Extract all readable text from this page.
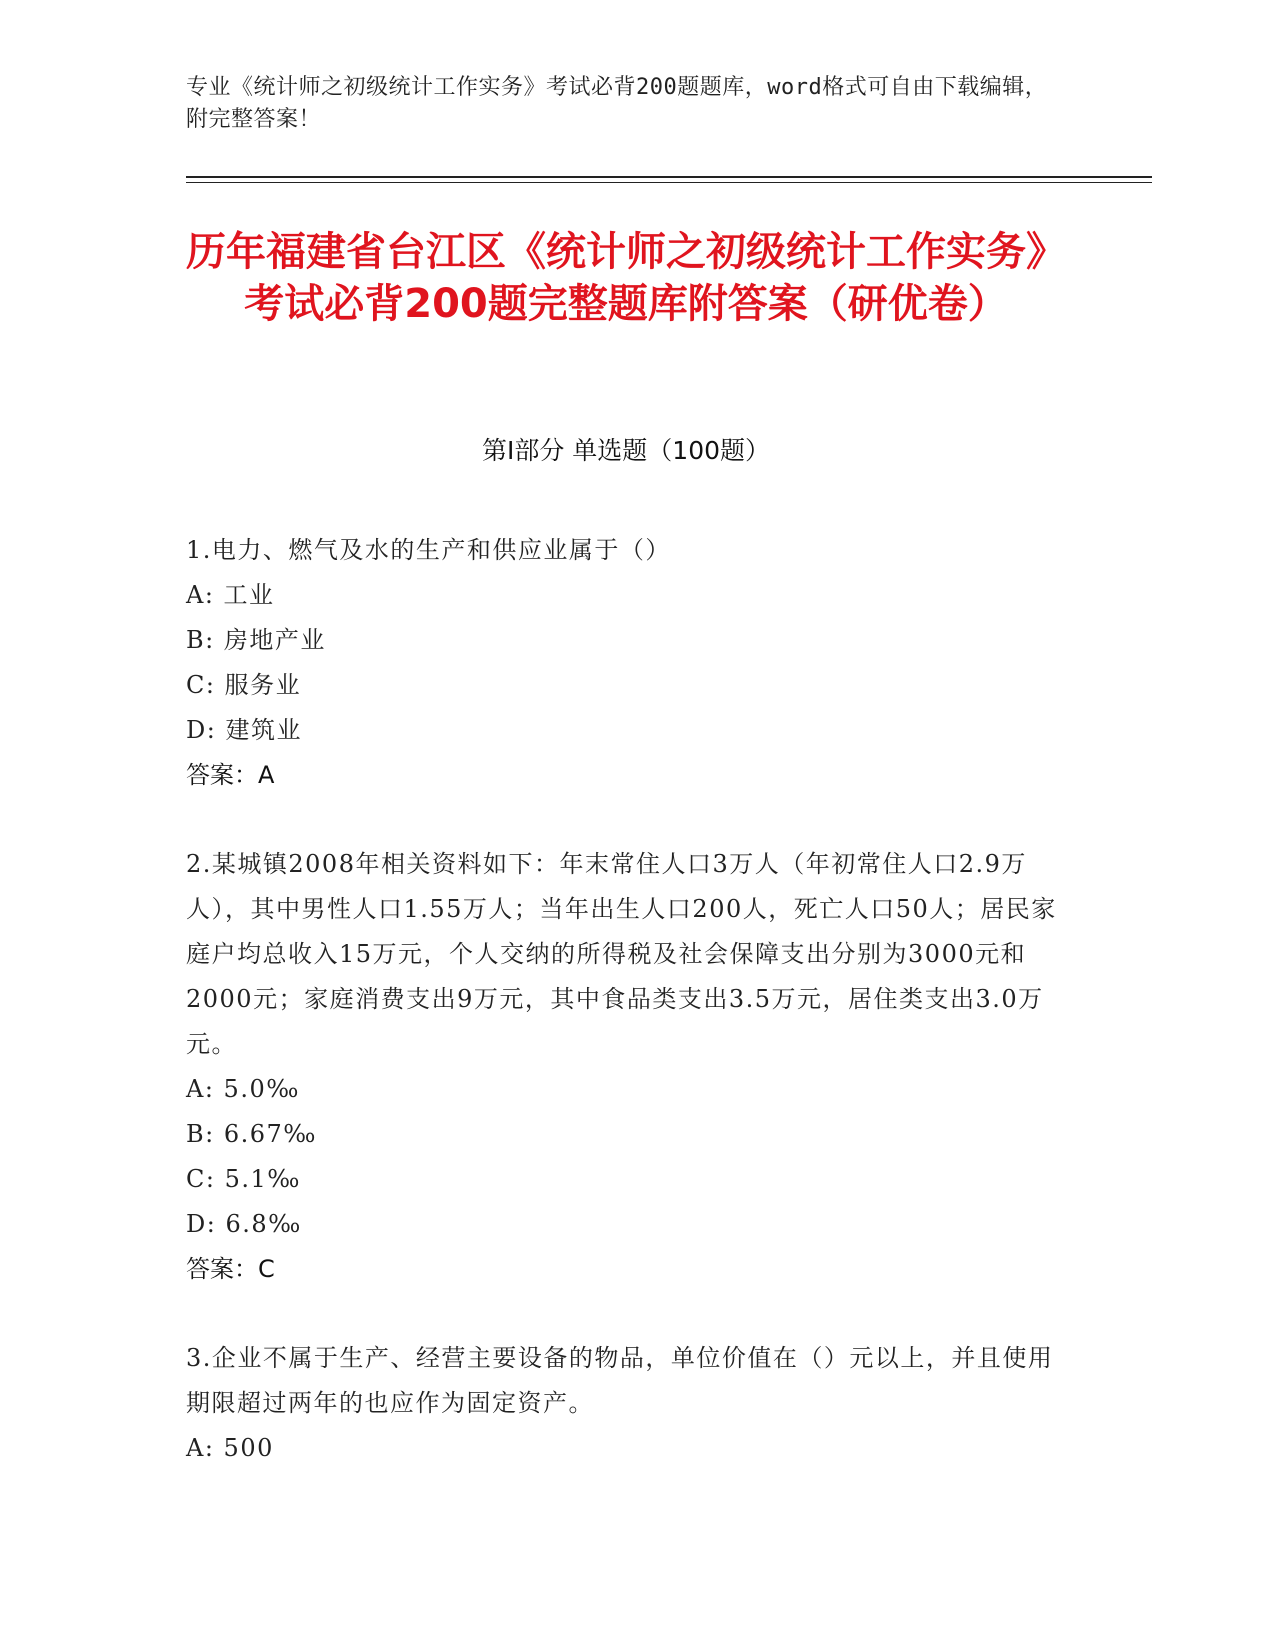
专业《统计师之初级统计工作实务》考试必背200题题库，word格式可自由下载编辑，附完整答案！
历年福建省台江区《统计师之初级统计工作实务》考试必背200题完整题库附答案（研优卷）
第Ⅰ部分 单选题（100题）
1.电力、燃气及水的生产和供应业属于（）
A: 工业
B: 房地产业
C: 服务业
D: 建筑业
答案：A
2.某城镇2008年相关资料如下：年末常住人口3万人（年初常住人口2.9万人），其中男性人口1.55万人；当年出生人口200人，死亡人口50人；居民家庭户均总收入15万元，个人交纳的所得税及社会保障支出分别为3000元和2000元；家庭消费支出9万元，其中食品类支出3.5万元，居住类支出3.0万元。
A: 5.0‰
B: 6.67‰
C: 5.1‰
D: 6.8‰
答案：C
3.企业不属于生产、经营主要设备的物品，单位价值在（）元以上，并且使用期限超过两年的也应作为固定资产。
A: 500
